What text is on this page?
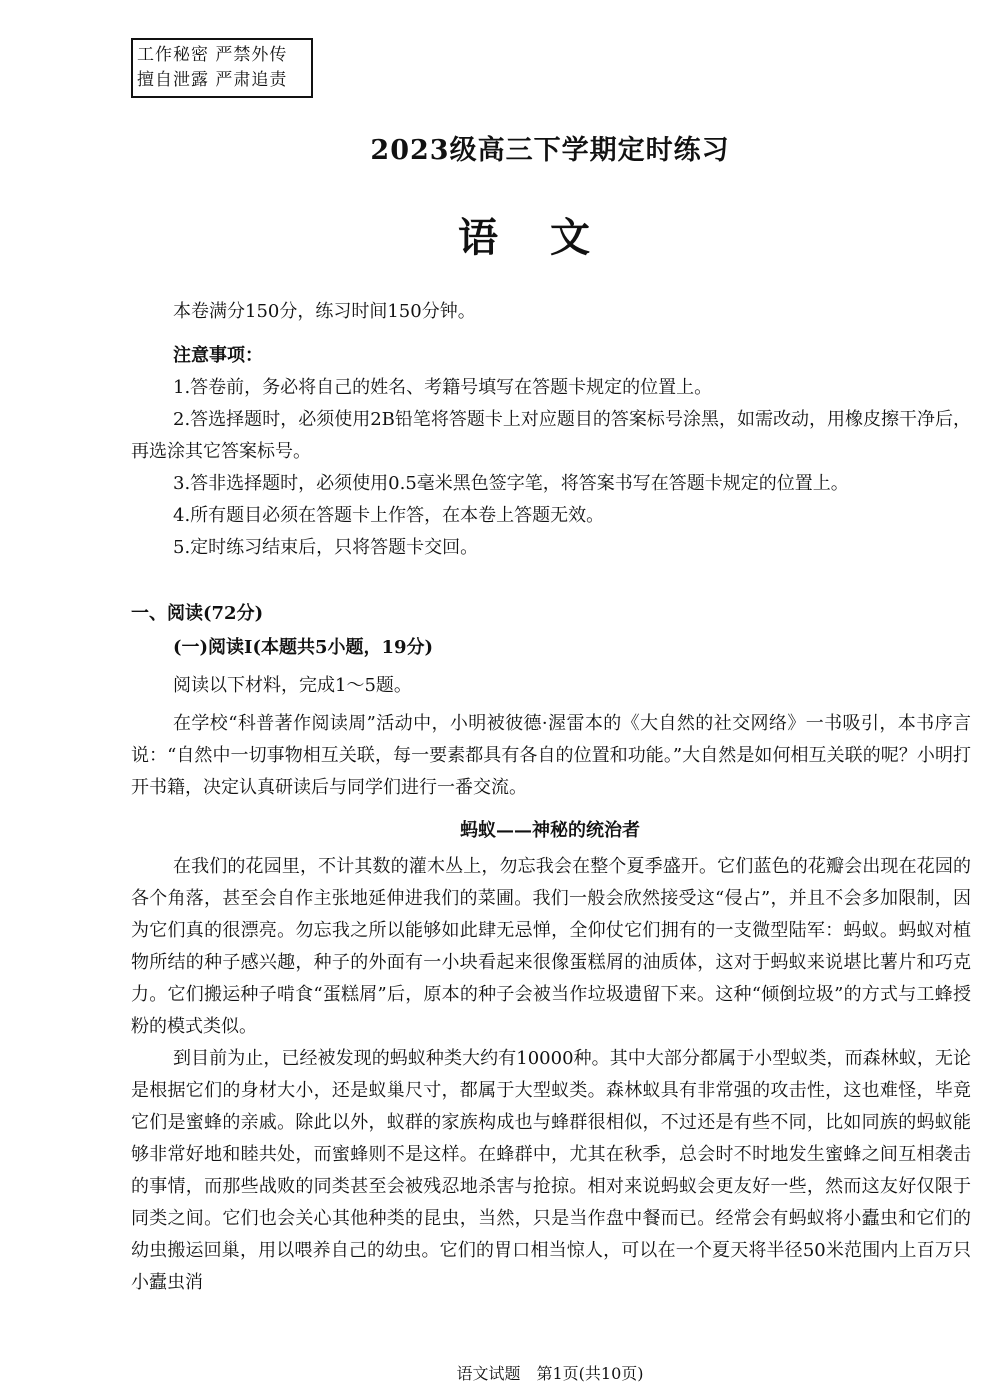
工作秘密 严禁外传
擅自泄露 严肃追责
2023级高三下学期定时练习
语文
本卷满分150分，练习时间150分钟。
注意事项：
1.答卷前，务必将自己的姓名、考籍号填写在答题卡规定的位置上。
2.答选择题时，必须使用2B铅笔将答题卡上对应题目的答案标号涂黑，如需改动，用橡皮擦干净后，再选涂其它答案标号。
3.答非选择题时，必须使用0.5毫米黑色签字笔，将答案书写在答题卡规定的位置上。
4.所有题目必须在答题卡上作答，在本卷上答题无效。
5.定时练习结束后，只将答题卡交回。
一、阅读(72分)
(一)阅读Ⅰ(本题共5小题，19分)
阅读以下材料，完成1～5题。
在学校“科普著作阅读周”活动中，小明被彼德·渥雷本的《大自然的社交网络》一书吸引，本书序言说：“自然中一切事物相互关联，每一要素都具有各自的位置和功能。”大自然是如何相互关联的呢？小明打开书籍，决定认真研读后与同学们进行一番交流。
蚂蚁——神秘的统治者
在我们的花园里，不计其数的灌木丛上，勿忘我会在整个夏季盛开。它们蓝色的花瓣会出现在花园的各个角落，甚至会自作主张地延伸进我们的菜圃。我们一般会欣然接受这“侵占”，并且不会多加限制，因为它们真的很漂亮。勿忘我之所以能够如此肆无忌惮，全仰仗它们拥有的一支微型陆军：蚂蚁。蚂蚁对植物所结的种子感兴趣，种子的外面有一小块看起来很像蛋糕屑的油质体，这对于蚂蚁来说堪比薯片和巧克力。它们搬运种子啃食“蛋糕屑”后，原本的种子会被当作垃圾遗留下来。这种“倾倒垃圾”的方式与工蜂授粉的模式类似。
到目前为止，已经被发现的蚂蚁种类大约有10000种。其中大部分都属于小型蚁类，而森林蚁，无论是根据它们的身材大小，还是蚁巢尺寸，都属于大型蚁类。森林蚁具有非常强的攻击性，这也难怪，毕竟它们是蜜蜂的亲戚。除此以外，蚁群的家族构成也与蜂群很相似，不过还是有些不同，比如同族的蚂蚁能够非常好地和睦共处，而蜜蜂则不是这样。在蜂群中，尤其在秋季，总会时不时地发生蜜蜂之间互相袭击的事情，而那些战败的同类甚至会被残忍地杀害与抢掠。相对来说蚂蚁会更友好一些，然而这友好仅限于同类之间。它们也会关心其他种类的昆虫，当然，只是当作盘中餐而已。经常会有蚂蚁将小蠹虫和它们的幼虫搬运回巢，用以喂养自己的幼虫。它们的胃口相当惊人，可以在一个夏天将半径50米范围内上百万只小蠹虫消
语文试题　第1页(共10页)
